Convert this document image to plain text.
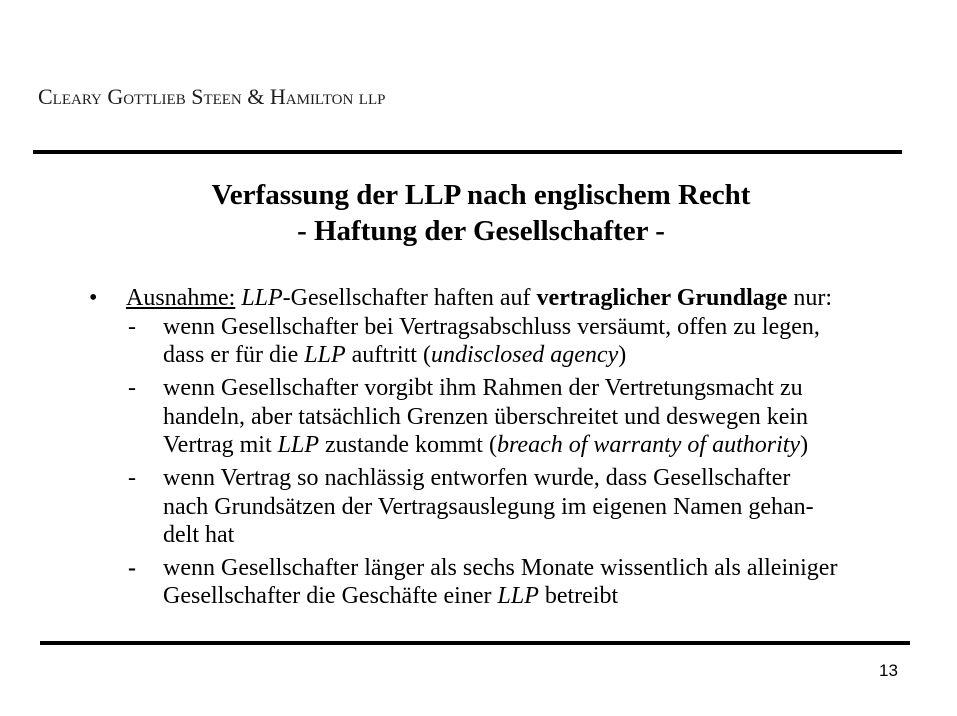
Cleary Gottlieb Steen & Hamilton llp
Verfassung der LLP nach englischem Recht
- Haftung der Gesellschafter -
• Ausnahme: LLP-Gesellschafter haften auf vertraglicher Grundlage nur:
- wenn Gesellschafter bei Vertragsabschluss versäumt, offen zu legen,
dass er für die LLP auftritt (undisclosed agency)
- wenn Gesellschafter vorgibt ihm Rahmen der Vertretungsmacht zu
handeln, aber tatsächlich Grenzen überschreitet und deswegen kein
Vertrag mit LLP zustande kommt (breach of warranty of authority)
- wenn Vertrag so nachlässig entworfen wurde, dass Gesellschafter
nach Grundsätzen der Vertragsauslegung im eigenen Namen gehan-
delt hat
- wenn Gesellschafter länger als sechs Monate wissentlich als alleiniger
Gesellschafter die Geschäfte einer LLP betreibt
13
